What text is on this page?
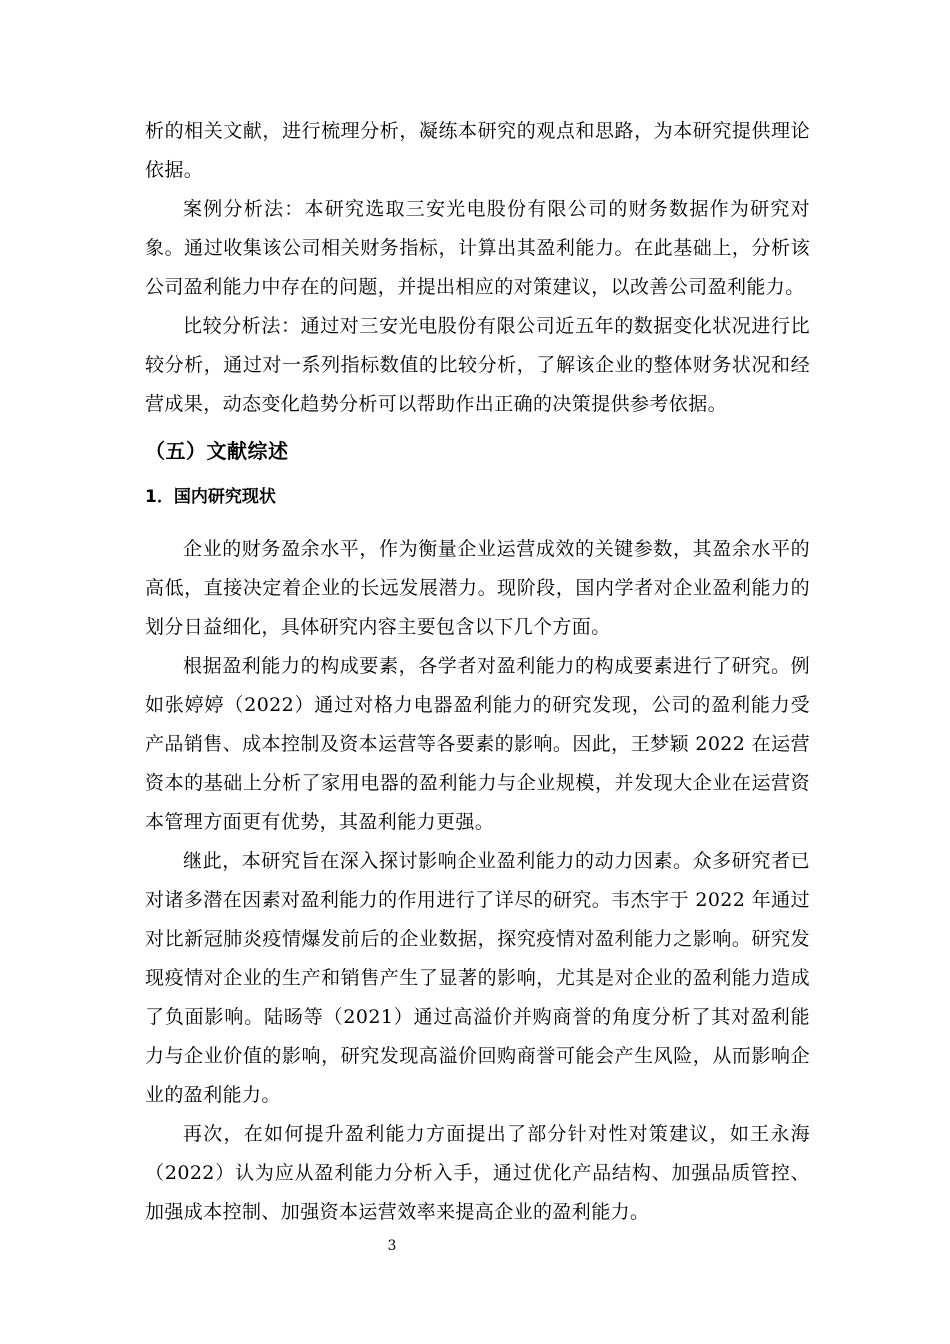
析的相关文献，进行梳理分析，凝练本研究的观点和思路，为本研究提供理论依据。

案例分析法：本研究选取三安光电股份有限公司的财务数据作为研究对象。通过收集该公司相关财务指标，计算出其盈利能力。在此基础上，分析该公司盈利能力中存在的问题，并提出相应的对策建议，以改善公司盈利能力。

比较分析法：通过对三安光电股份有限公司近五年的数据变化状况进行比较分析，通过对一系列指标数值的比较分析，了解该企业的整体财务状况和经营成果，动态变化趋势分析可以帮助作出正确的决策提供参考依据。

（五）文献综述
1．国内研究现状

企业的财务盈余水平，作为衡量企业运营成效的关键参数，其盈余水平的高低，直接决定着企业的长远发展潜力。现阶段，国内学者对企业盈利能力的划分日益细化，具体研究内容主要包含以下几个方面。

根据盈利能力的构成要素，各学者对盈利能力的构成要素进行了研究。例如张婷婷（2022）通过对格力电器盈利能力的研究发现，公司的盈利能力受产品销售、成本控制及资本运营等各要素的影响。因此，王梦颖 2022 在运营资本的基础上分析了家用电器的盈利能力与企业规模，并发现大企业在运营资本管理方面更有优势，其盈利能力更强。

继此，本研究旨在深入探讨影响企业盈利能力的动力因素。众多研究者已对诸多潜在因素对盈利能力的作用进行了详尽的研究。韦杰宇于 2022 年通过对比新冠肺炎疫情爆发前后的企业数据，探究疫情对盈利能力之影响。研究发现疫情对企业的生产和销售产生了显著的影响，尤其是对企业的盈利能力造成了负面影响。陆旸等（2021）通过高溢价并购商誉的角度分析了其对盈利能力与企业价值的影响，研究发现高溢价回购商誉可能会产生风险，从而影响企业的盈利能力。

再次，在如何提升盈利能力方面提出了部分针对性对策建议，如王永海（2022）认为应从盈利能力分析入手，通过优化产品结构、加强品质管控、加强成本控制、加强资本运营效率来提高企业的盈利能力。

3
